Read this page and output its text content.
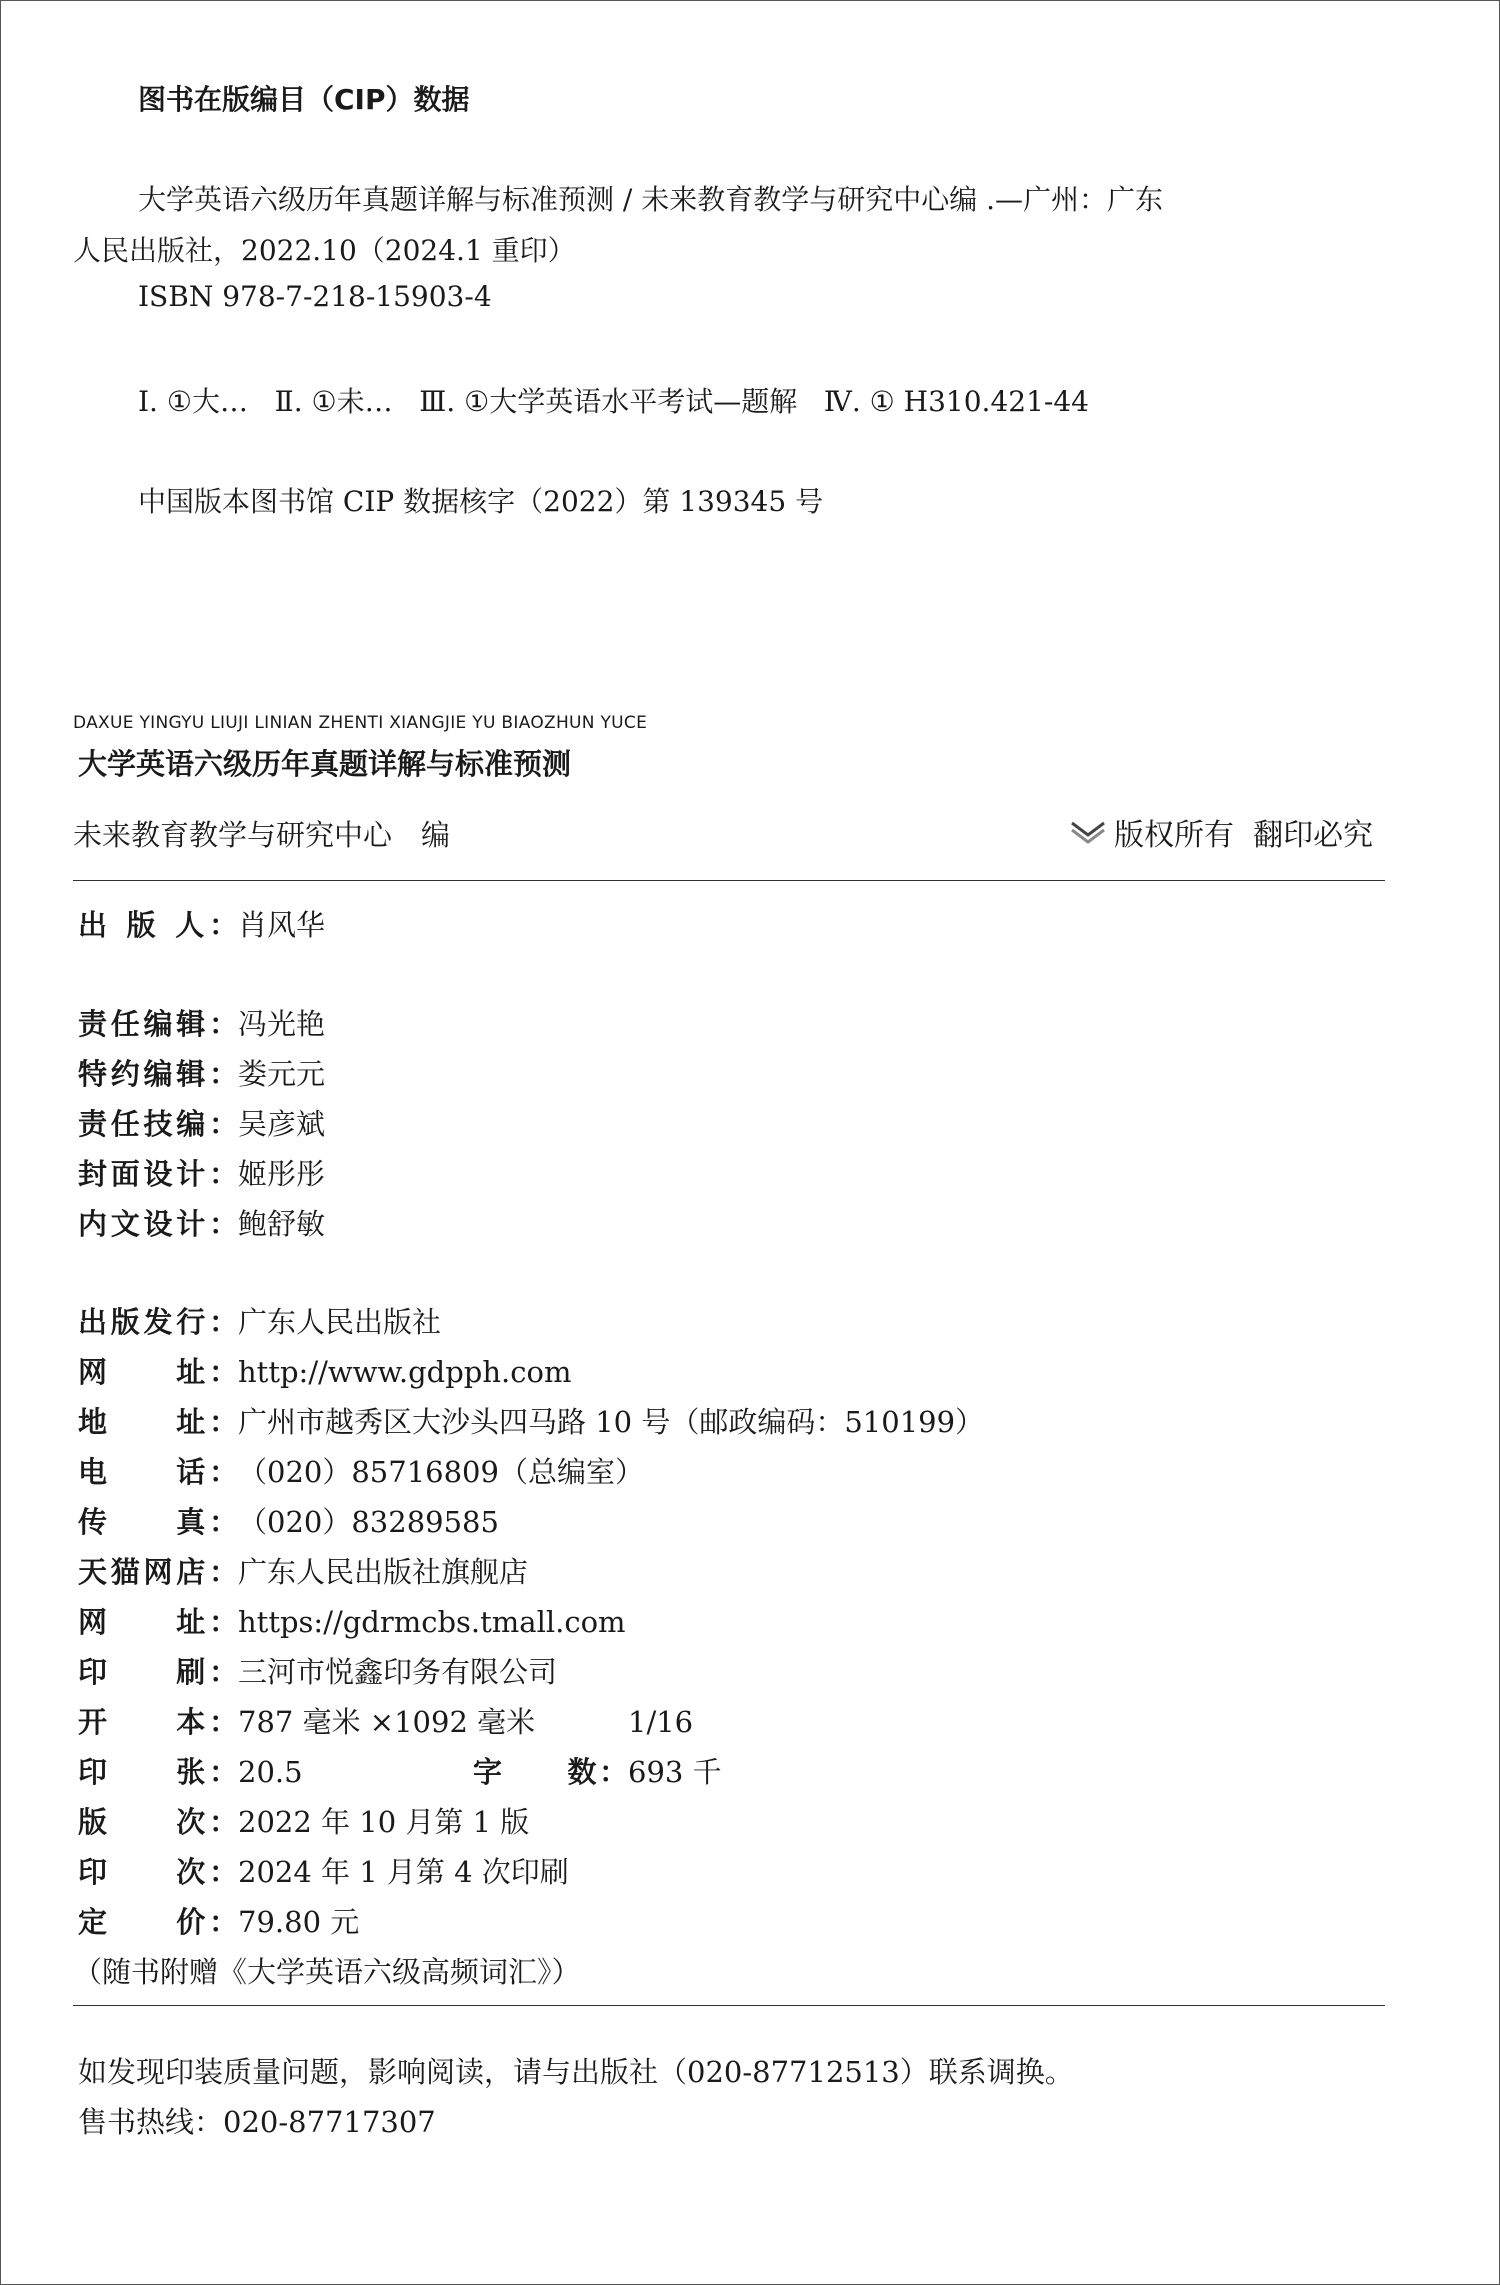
图书在版编目（CIP）数据
大学英语六级历年真题详解与标准预测 / 未来教育教学与研究中心编 .—广州：广东
人民出版社，2022.10（2024.1 重印）
ISBN 978-7-218-15903-4
Ⅰ. ①大…   Ⅱ. ①未…   Ⅲ. ①大学英语水平考试—题解   Ⅳ. ① H310.421-44
中国版本图书馆 CIP 数据核字（2022）第 139345 号
DAXUE YINGYU LIUJI LINIAN ZHENTI XIANGJIE YU BIAOZHUN YUCE
大学英语六级历年真题详解与标准预测
未来教育教学与研究中心　编	版权所有  翻印必究
出 版 人： 肖风华
责任编辑： 冯光艳
特约编辑： 娄元元
责任技编： 吴彦斌
封面设计： 姬彤彤
内文设计： 鲍舒敏
出版发行： 广东人民出版社
网　　址： http://www.gdpph.com
地　　址： 广州市越秀区大沙头四马路 10 号（邮政编码：510199）
电　　话： （020）85716809（总编室）
传　　真： （020）83289585
天猫网店： 广东人民出版社旗舰店
网　　址： https://gdrmcbs.tmall.com
印　　刷： 三河市悦鑫印务有限公司
开　　本： 787 毫米 ×1092 毫米	1/16
印　　张： 20.5	字　　数： 693 千
版　　次： 2022 年 10 月第 1 版
印　　次： 2024 年 1 月第 4 次印刷
定　　价： 79.80 元
（随书附赠《大学英语六级高频词汇》）
如发现印装质量问题，影响阅读，请与出版社（020-87712513）联系调换。
售书热线：020-87717307
